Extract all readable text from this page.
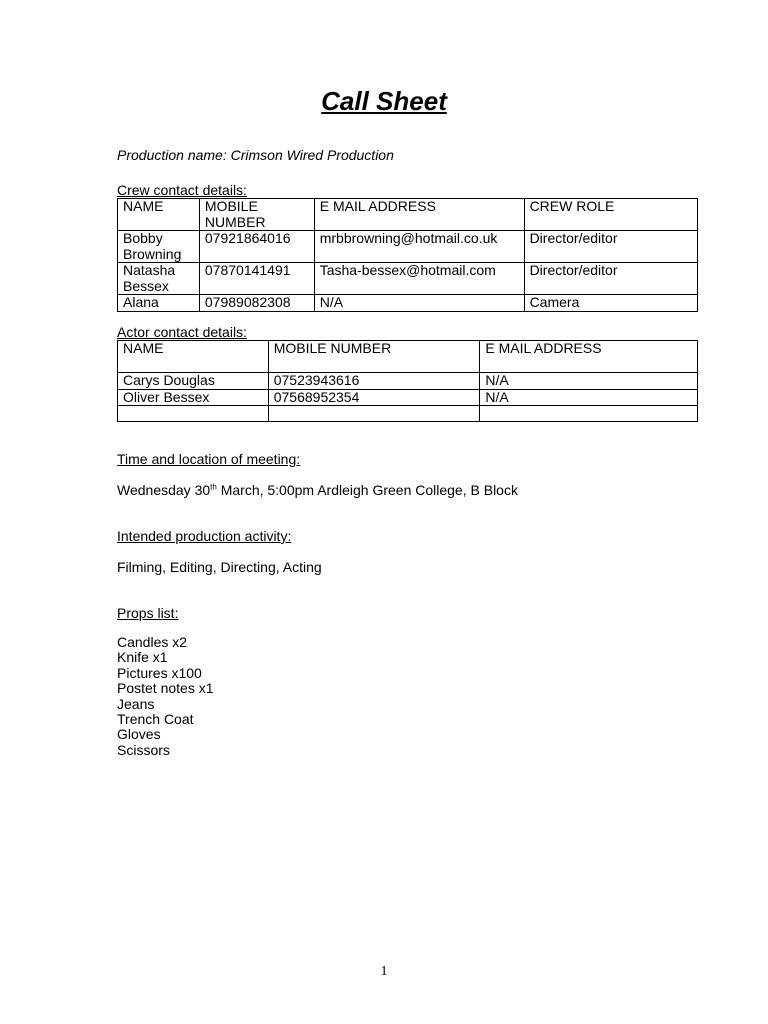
Call Sheet

Production name: Crimson Wired Production

Crew contact details:

NAME	MOBILE NUMBER	E MAIL ADDRESS	CREW ROLE
Bobby Browning	07921864016	mrbbrowning@hotmail.co.uk	Director/editor
Natasha Bessex	07870141491	Tasha-bessex@hotmail.com	Director/editor
Alana	07989082308	N/A	Camera

Actor contact details:

NAME	MOBILE NUMBER	E MAIL ADDRESS
Carys Douglas	07523943616	N/A
Oliver Bessex	07568952354	N/A

Time and location of meeting:

Wednesday 30th March, 5:00pm Ardleigh Green College, B Block

Intended production activity:

Filming, Editing, Directing, Acting

Props list:

Candles x2
Knife x1
Pictures x100
Postet notes x1
Jeans
Trench Coat
Gloves
Scissors
1
